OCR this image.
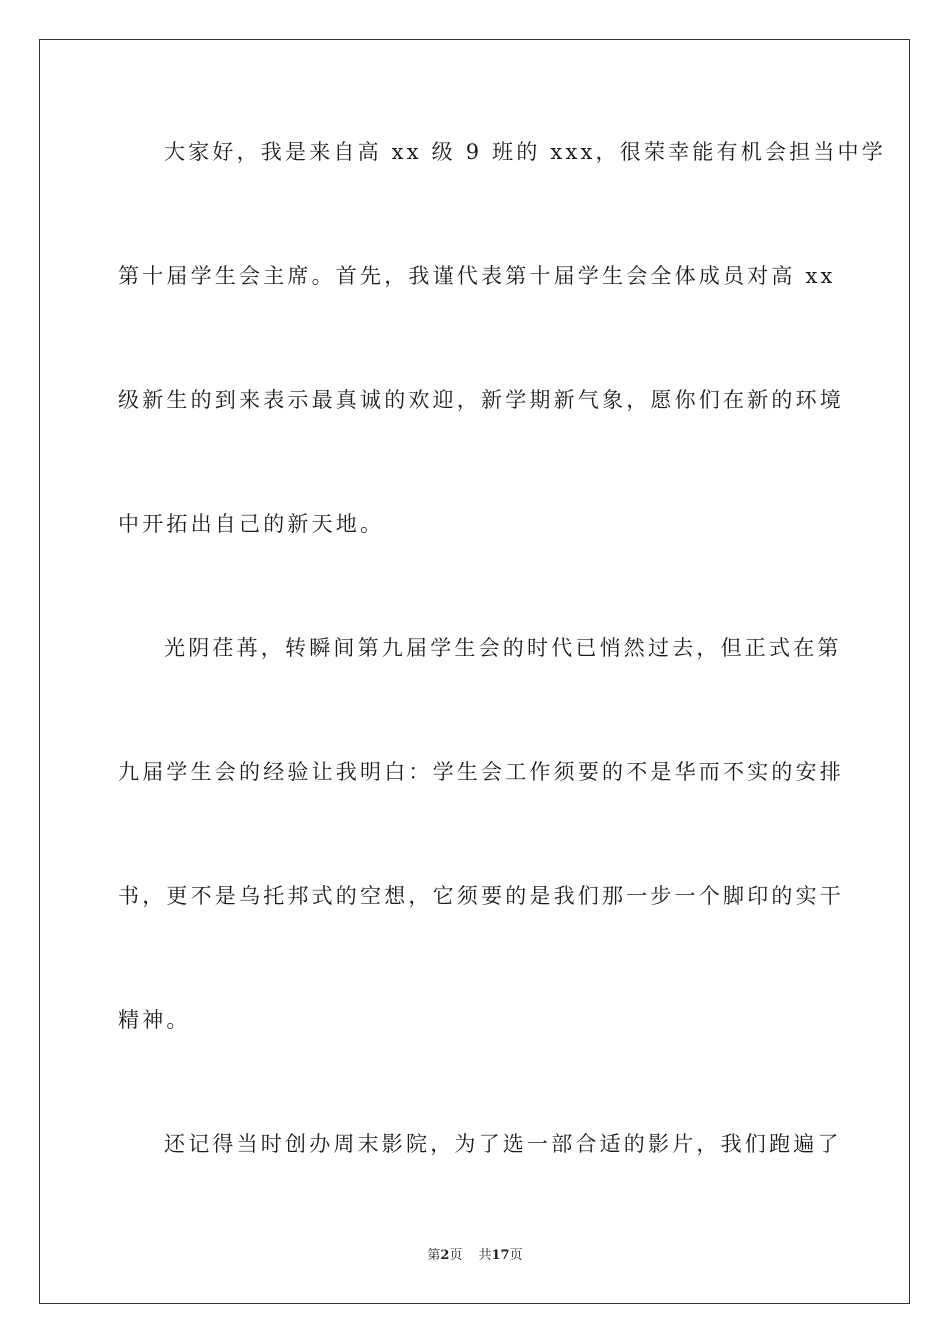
大家好，我是来自高 xx 级 9 班的 xxx，很荣幸能有机会担当中学
第十届学生会主席。首先，我谨代表第十届学生会全体成员对高 xx
级新生的到来表示最真诚的欢迎，新学期新气象，愿你们在新的环境
中开拓出自己的新天地。
光阴荏苒，转瞬间第九届学生会的时代已悄然过去，但正式在第
九届学生会的经验让我明白：学生会工作须要的不是华而不实的安排
书，更不是乌托邦式的空想，它须要的是我们那一步一个脚印的实干
精神。
还记得当时创办周末影院，为了选一部合适的影片，我们跑遍了
第2页 共17页
